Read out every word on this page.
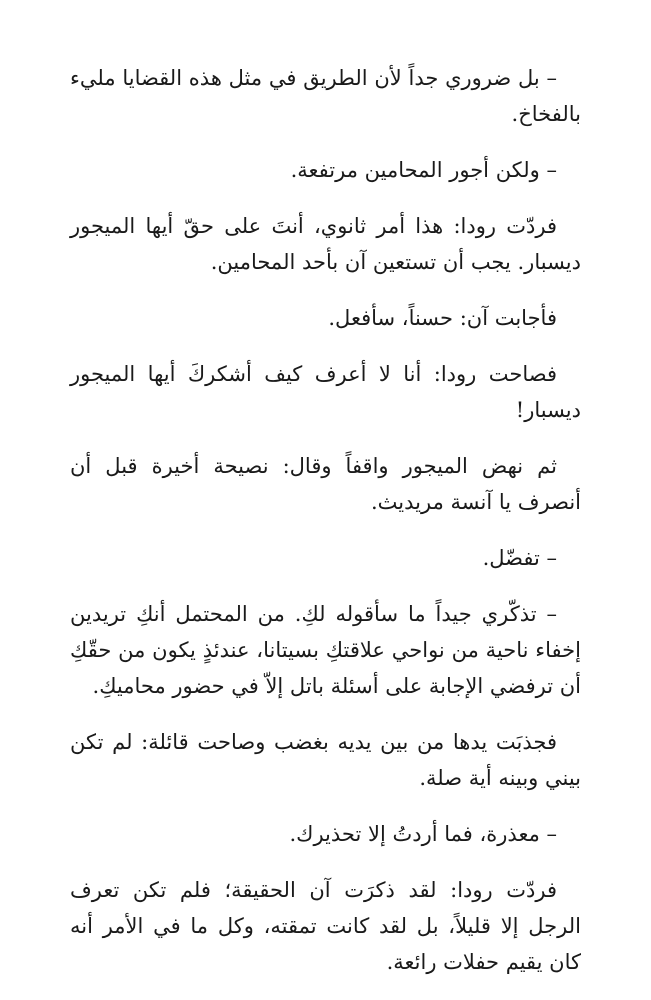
– بل ضروري جداً لأن الطريق في مثل هذه القضايا مليء بالفخاخ.

– ولكن أجور المحامين مرتفعة.

فردّت رودا: هذا أمر ثانوي، أنتَ على حقّ أيها الميجور ديسبار. يجب أن تستعين آن بأحد المحامين.

فأجابت آن: حسناً، سأفعل.

فصاحت رودا: أنا لا أعرف كيف أشكركَ أيها الميجور ديسبار!

ثم نهض الميجور واقفاً وقال: نصيحة أخيرة قبل أن أنصرف يا آنسة مريديث.

– تفضّل.

– تذكّري جيداً ما سأقوله لكِ. من المحتمل أنكِ تريدين إخفاء ناحية من نواحي علاقتكِ بسيتانا، عندئذٍ يكون من حقّكِ أن ترفضي الإجابة على أسئلة باتل إلاّ في حضور محاميكِ.

فجذبَت يدها من بين يديه بغضب وصاحت قائلة: لم تكن بيني وبينه أية صلة.

– معذرة، فما أردتُ إلا تحذيرك.

فردّت رودا: لقد ذكرَت آن الحقيقة؛ فلم تكن تعرف الرجل إلا قليلاً، بل لقد كانت تمقته، وكل ما في الأمر أنه كان يقيم حفلات رائعة.
